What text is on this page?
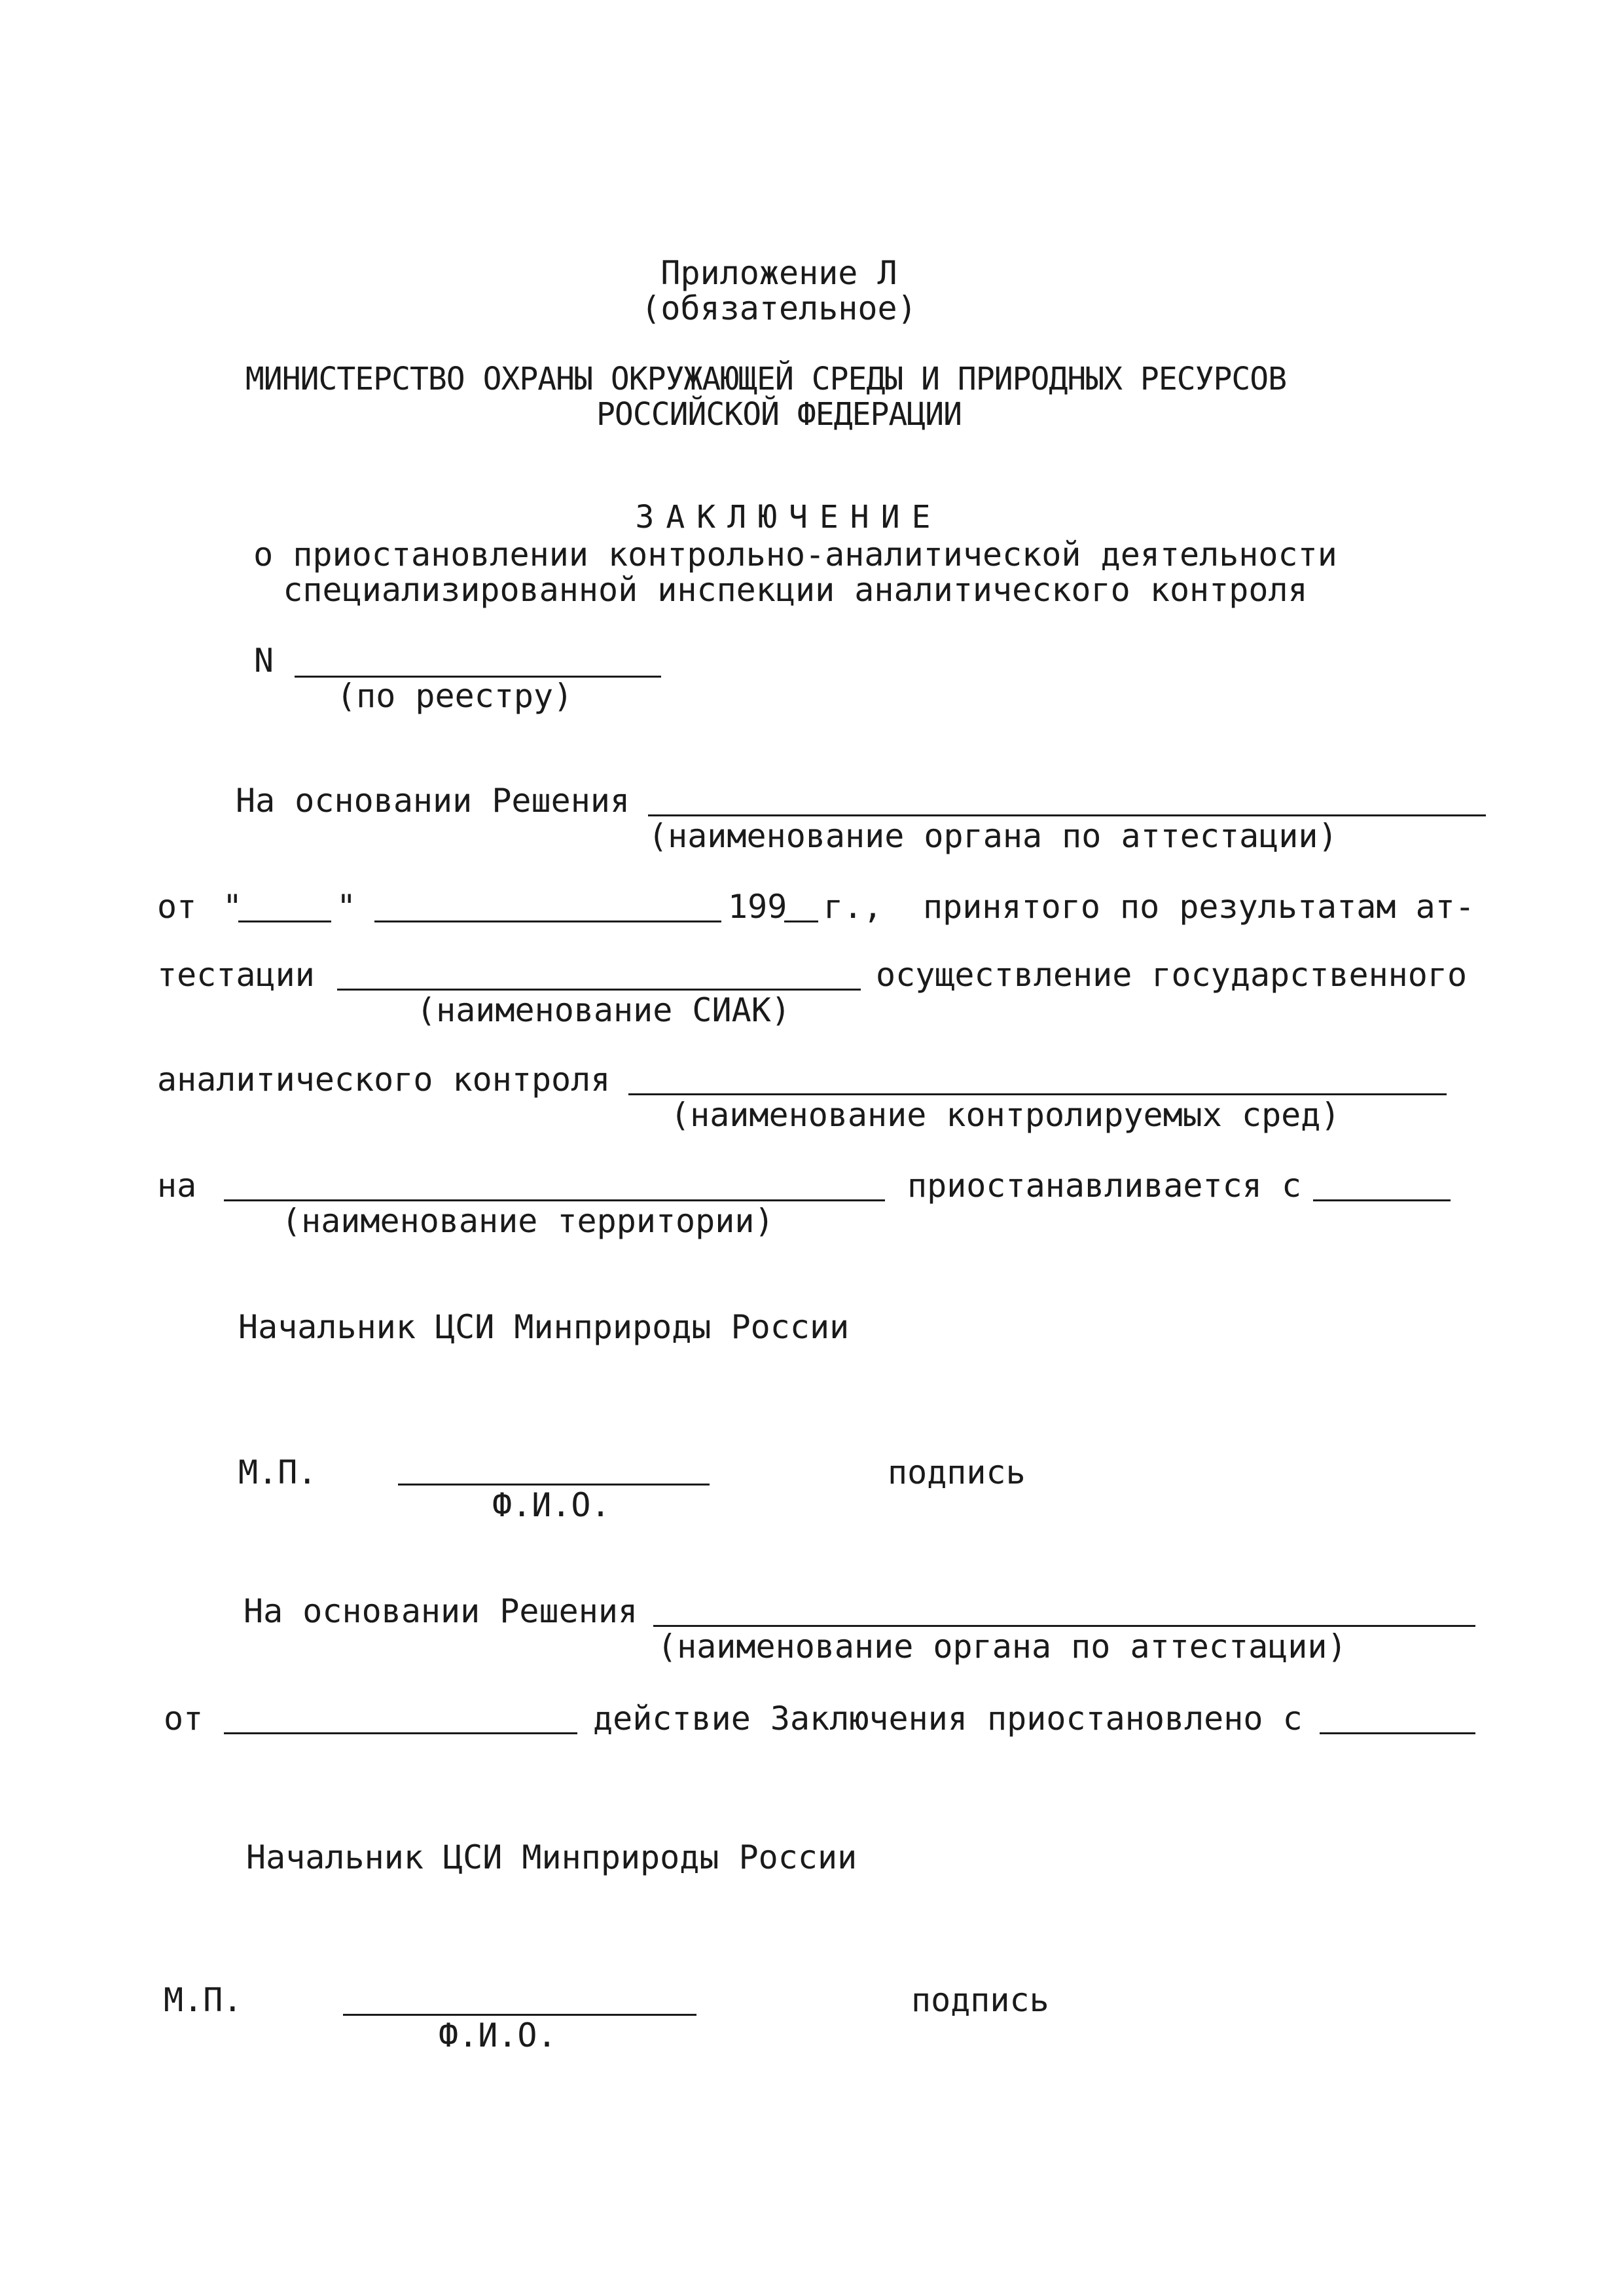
Приложение Л
(обязательное)
МИНИСТЕРСТВО ОХРАНЫ ОКРУЖАЮЩЕЙ СРЕДЫ И ПРИРОДНЫХ РЕСУРСОВ
РОССИЙСКОЙ ФЕДЕРАЦИИ
ЗАКЛЮЧЕНИЕ
о приостановлении контрольно-аналитической деятельности
специализированной инспекции аналитического контроля
N
(по реестру)
На основании Решения
(наименование органа по аттестации)
от "	"	199 г., принятого по результатам ат-
тестации	осуществление государственного
(наименование СИАК)
аналитического контроля
(наименование контролируемых сред)
на	приостанавливается с
(наименование территории)
Начальник ЦСИ Минприроды России
М.П.
Ф.И.О.
подпись
На основании Решения
(наименование органа по аттестации)
от	действие Заключения приостановлено с
Начальник ЦСИ Минприроды России
М.П.
Ф.И.О.
подпись
